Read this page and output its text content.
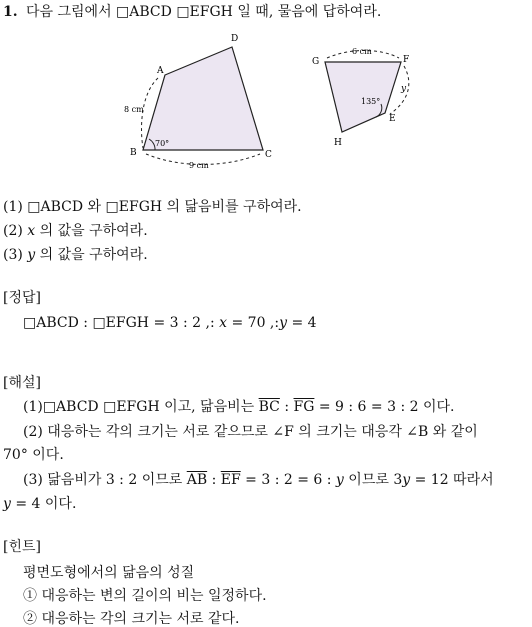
1. 다음 그림에서 □ABCD □EFGH 일 때, 물음에 답하여라.
A
B	C
D
8 cm
9 cm
70°
G	F
E
H
6 cm
y
135°
(1) □ABCD 와 □EFGH 의 닮음비를 구하여라.
(2) x 의 값을 구하여라.
(3) y 의 값을 구하여라.
[정답]
□ABCD : □EFGH = 3 : 2 ,: x = 70 ,:y = 4
[해설]
(1)□ABCD □EFGH 이고, 닮음비는 $\overline{BC}$ : $\overline{FG} = 9$ : 6 = 3 : 2 이다.
(2) 대응하는 각의 크기는 서로 같으므로 ∠F 의 크기는 대응각 ∠B 와 같이
70° 이다.
(3) 닮음비가 3 : 2 이므로 $\overline{AB}$ : $\overline{EF} = 3$ : 2 = 6 : y 이므로 3y = 12 따라서
y = 4 이다.
[힌트]
평면도형에서의 닮음의 성질
① 대응하는 변의 길이의 비는 일정하다.
② 대응하는 각의 크기는 서로 같다.
